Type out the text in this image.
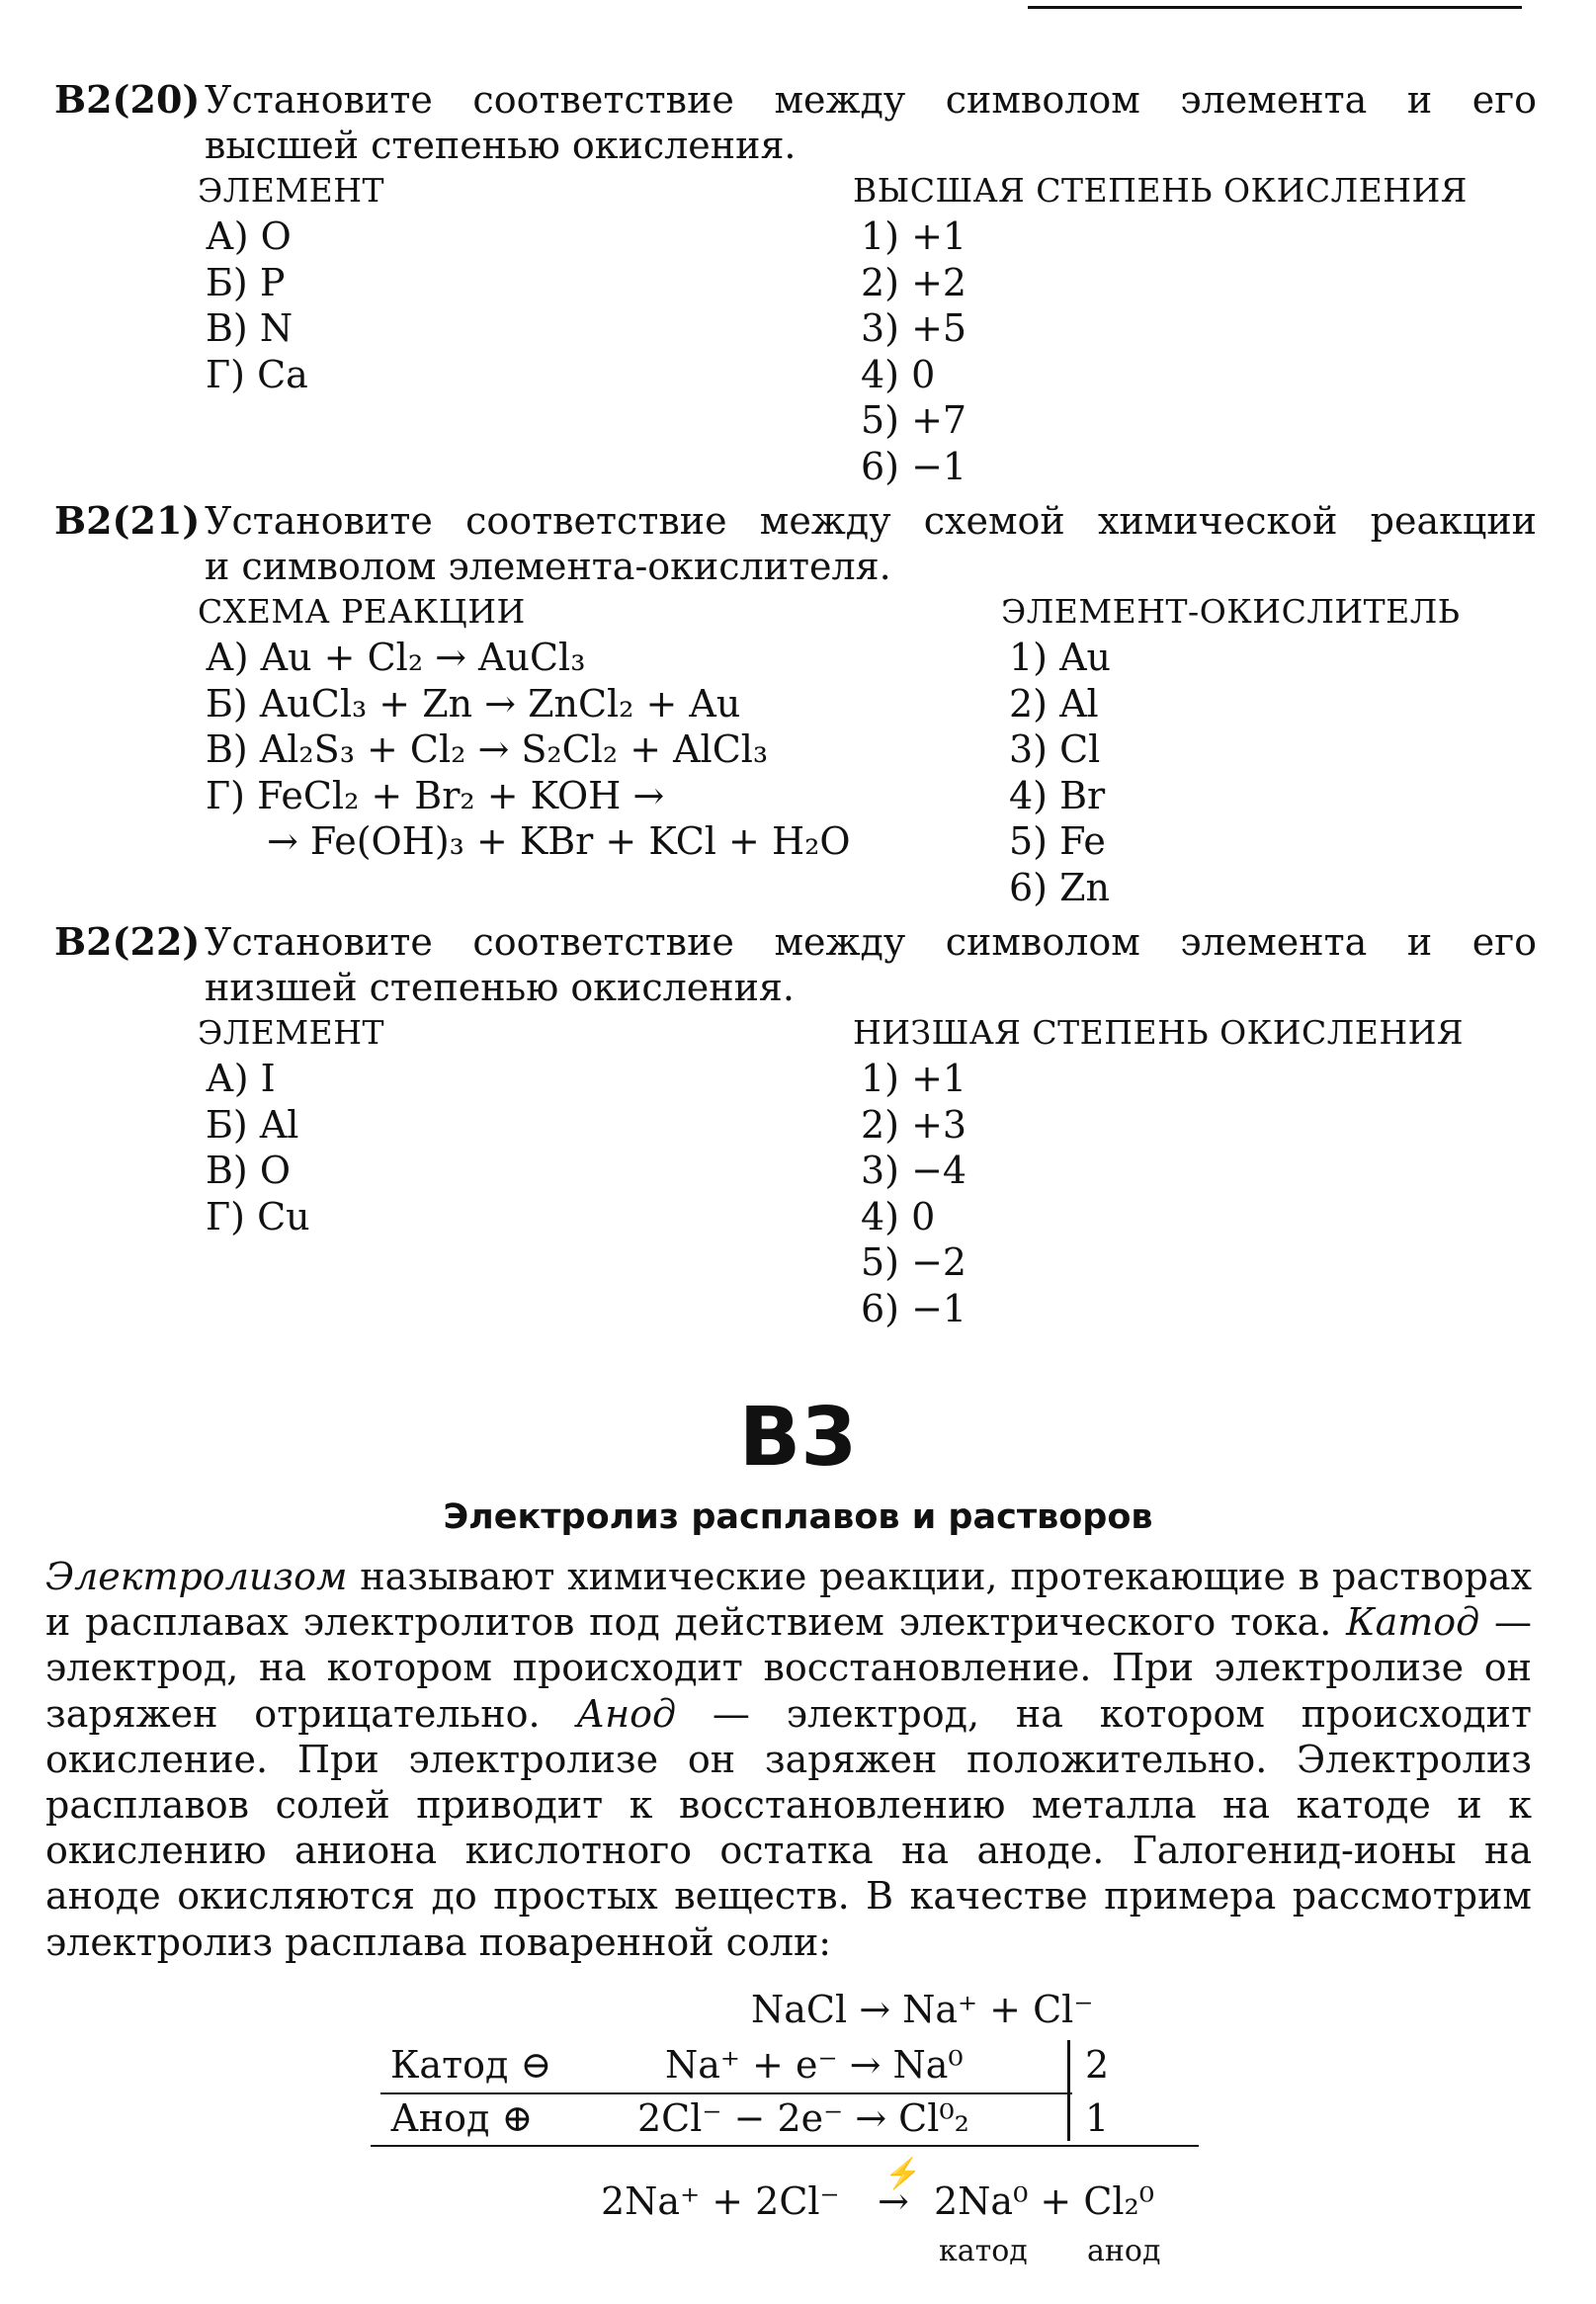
B2(20) Установите соответствие между символом элемента и его
высшей степенью окисления.
ЭЛЕМЕНТ
А) O
Б) P
В) N
Г) Ca
ВЫСШАЯ СТЕПЕНЬ ОКИСЛЕНИЯ
1) +1
2) +2
3) +5
4) 0
5) +7
6) −1
B2(21) Установите соответствие между схемой химической реакции
и символом элемента-окислителя.
СХЕМА РЕАКЦИИ
А) Au + Cl₂ → AuCl₃
Б) AuCl₃ + Zn → ZnCl₂ + Au
В) Al₂S₃ + Cl₂ → S₂Cl₂ + AlCl₃
Г) FeCl₂ + Br₂ + KOH →
→ Fe(OH)₃ + KBr + KCl + H₂O
ЭЛЕМЕНТ-ОКИСЛИТЕЛЬ
1) Au
2) Al
3) Cl
4) Br
5) Fe
6) Zn
B2(22) Установите соответствие между символом элемента и его
низшей степенью окисления.
ЭЛЕМЕНТ
А) I
Б) Al
В) O
Г) Cu
НИЗШАЯ СТЕПЕНЬ ОКИСЛЕНИЯ
1) +1
2) +3
3) −4
4) 0
5) −2
6) −1
B3
Электролиз расплавов и растворов
Электролизом называют химические реакции, протекающие в растворах и расплавах электролитов под действием электрического тока. Катод — электрод, на котором происходит восстановление. При электролизе он заряжен отрицательно. Анод — электрод, на котором происходит окисление. При электролизе он заряжен положительно. Электролиз расплавов солей приводит к восстановлению металла на катоде и к окислению аниона кислотного остатка на аноде. Галогенид-ионы на аноде окисляются до простых веществ. В качестве примера рассмотрим электролиз расплава поваренной соли:
NaCl → Na⁺ + Cl⁻
Катод ⊖	Na⁺ + e⁻ → Na⁰	2
Анод ⊕	2Cl⁻ − 2e⁻ → Cl⁰₂	1
⚡
2Na⁺ + 2Cl⁻ → 2Na⁰ + Cl₂⁰
катод анод
